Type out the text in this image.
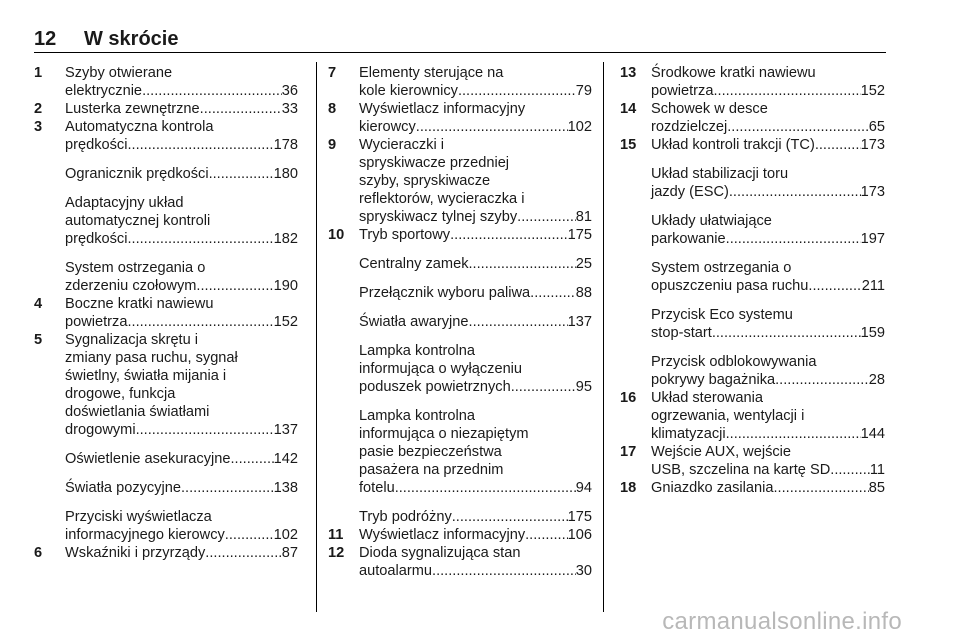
12 W skrócie
1 Szyby otwierane
elektrycznie .....	36
2 Lusterka zewnętrzne .....	33
3 Automatyczna kontrola
prędkości .....	178
Ogranicznik prędkości .....	180
Adaptacyjny układ
automatycznej kontroli
prędkości .....	182
System ostrzegania o
zderzeniu czołowym .....	190
4 Boczne kratki nawiewu
powietrza .....	152
5 Sygnalizacja skrętu i
zmiany pasa ruchu, sygnał
świetlny, światła mijania i
drogowe, funkcja
doświetlania światłami
drogowymi .....	137
Oświetlenie asekuracyjne .....	142
Światła pozycyjne .....	138
Przyciski wyświetlacza
informacyjnego kierowcy .....	102
6 Wskaźniki i przyrządy .....	87
7 Elementy sterujące na
kole kierownicy .....	79
8 Wyświetlacz informacyjny
kierowcy .....	102
9 Wycieraczki i
spryskiwacze przedniej
szyby, spryskiwacze
reflektorów, wycieraczka i
spryskiwacz tylnej szyby .....	81
10 Tryb sportowy .....	175
Centralny zamek .....	25
Przełącznik wyboru paliwa .....	88
Światła awaryjne .....	137
Lampka kontrolna
informująca o wyłączeniu
poduszek powietrznych .....	95
Lampka kontrolna
informująca o niezapiętym
pasie bezpieczeństwa
pasażera na przednim
fotelu .....	94
Tryb podróżny .....	175
11 Wyświetlacz informacyjny .....	106
12 Dioda sygnalizująca stan
autoalarmu .....	30
13 Środkowe kratki nawiewu
powietrza .....	152
14 Schowek w desce
rozdzielczej .....	65
15 Układ kontroli trakcji (TC) .....	173
Układ stabilizacji toru
jazdy (ESC) .....	173
Układy ułatwiające
parkowanie .....	197
System ostrzegania o
opuszczeniu pasa ruchu .....	211
Przycisk Eco systemu
stop-start .....	159
Przycisk odblokowywania
pokrywy bagażnika .....	28
16 Układ sterowania
ogrzewania, wentylacji i
klimatyzacji .....	144
17 Wejście AUX, wejście
USB, szczelina na kartę SD .....	11
18 Gniazdko zasilania .....	85
carmanualsonline.info
